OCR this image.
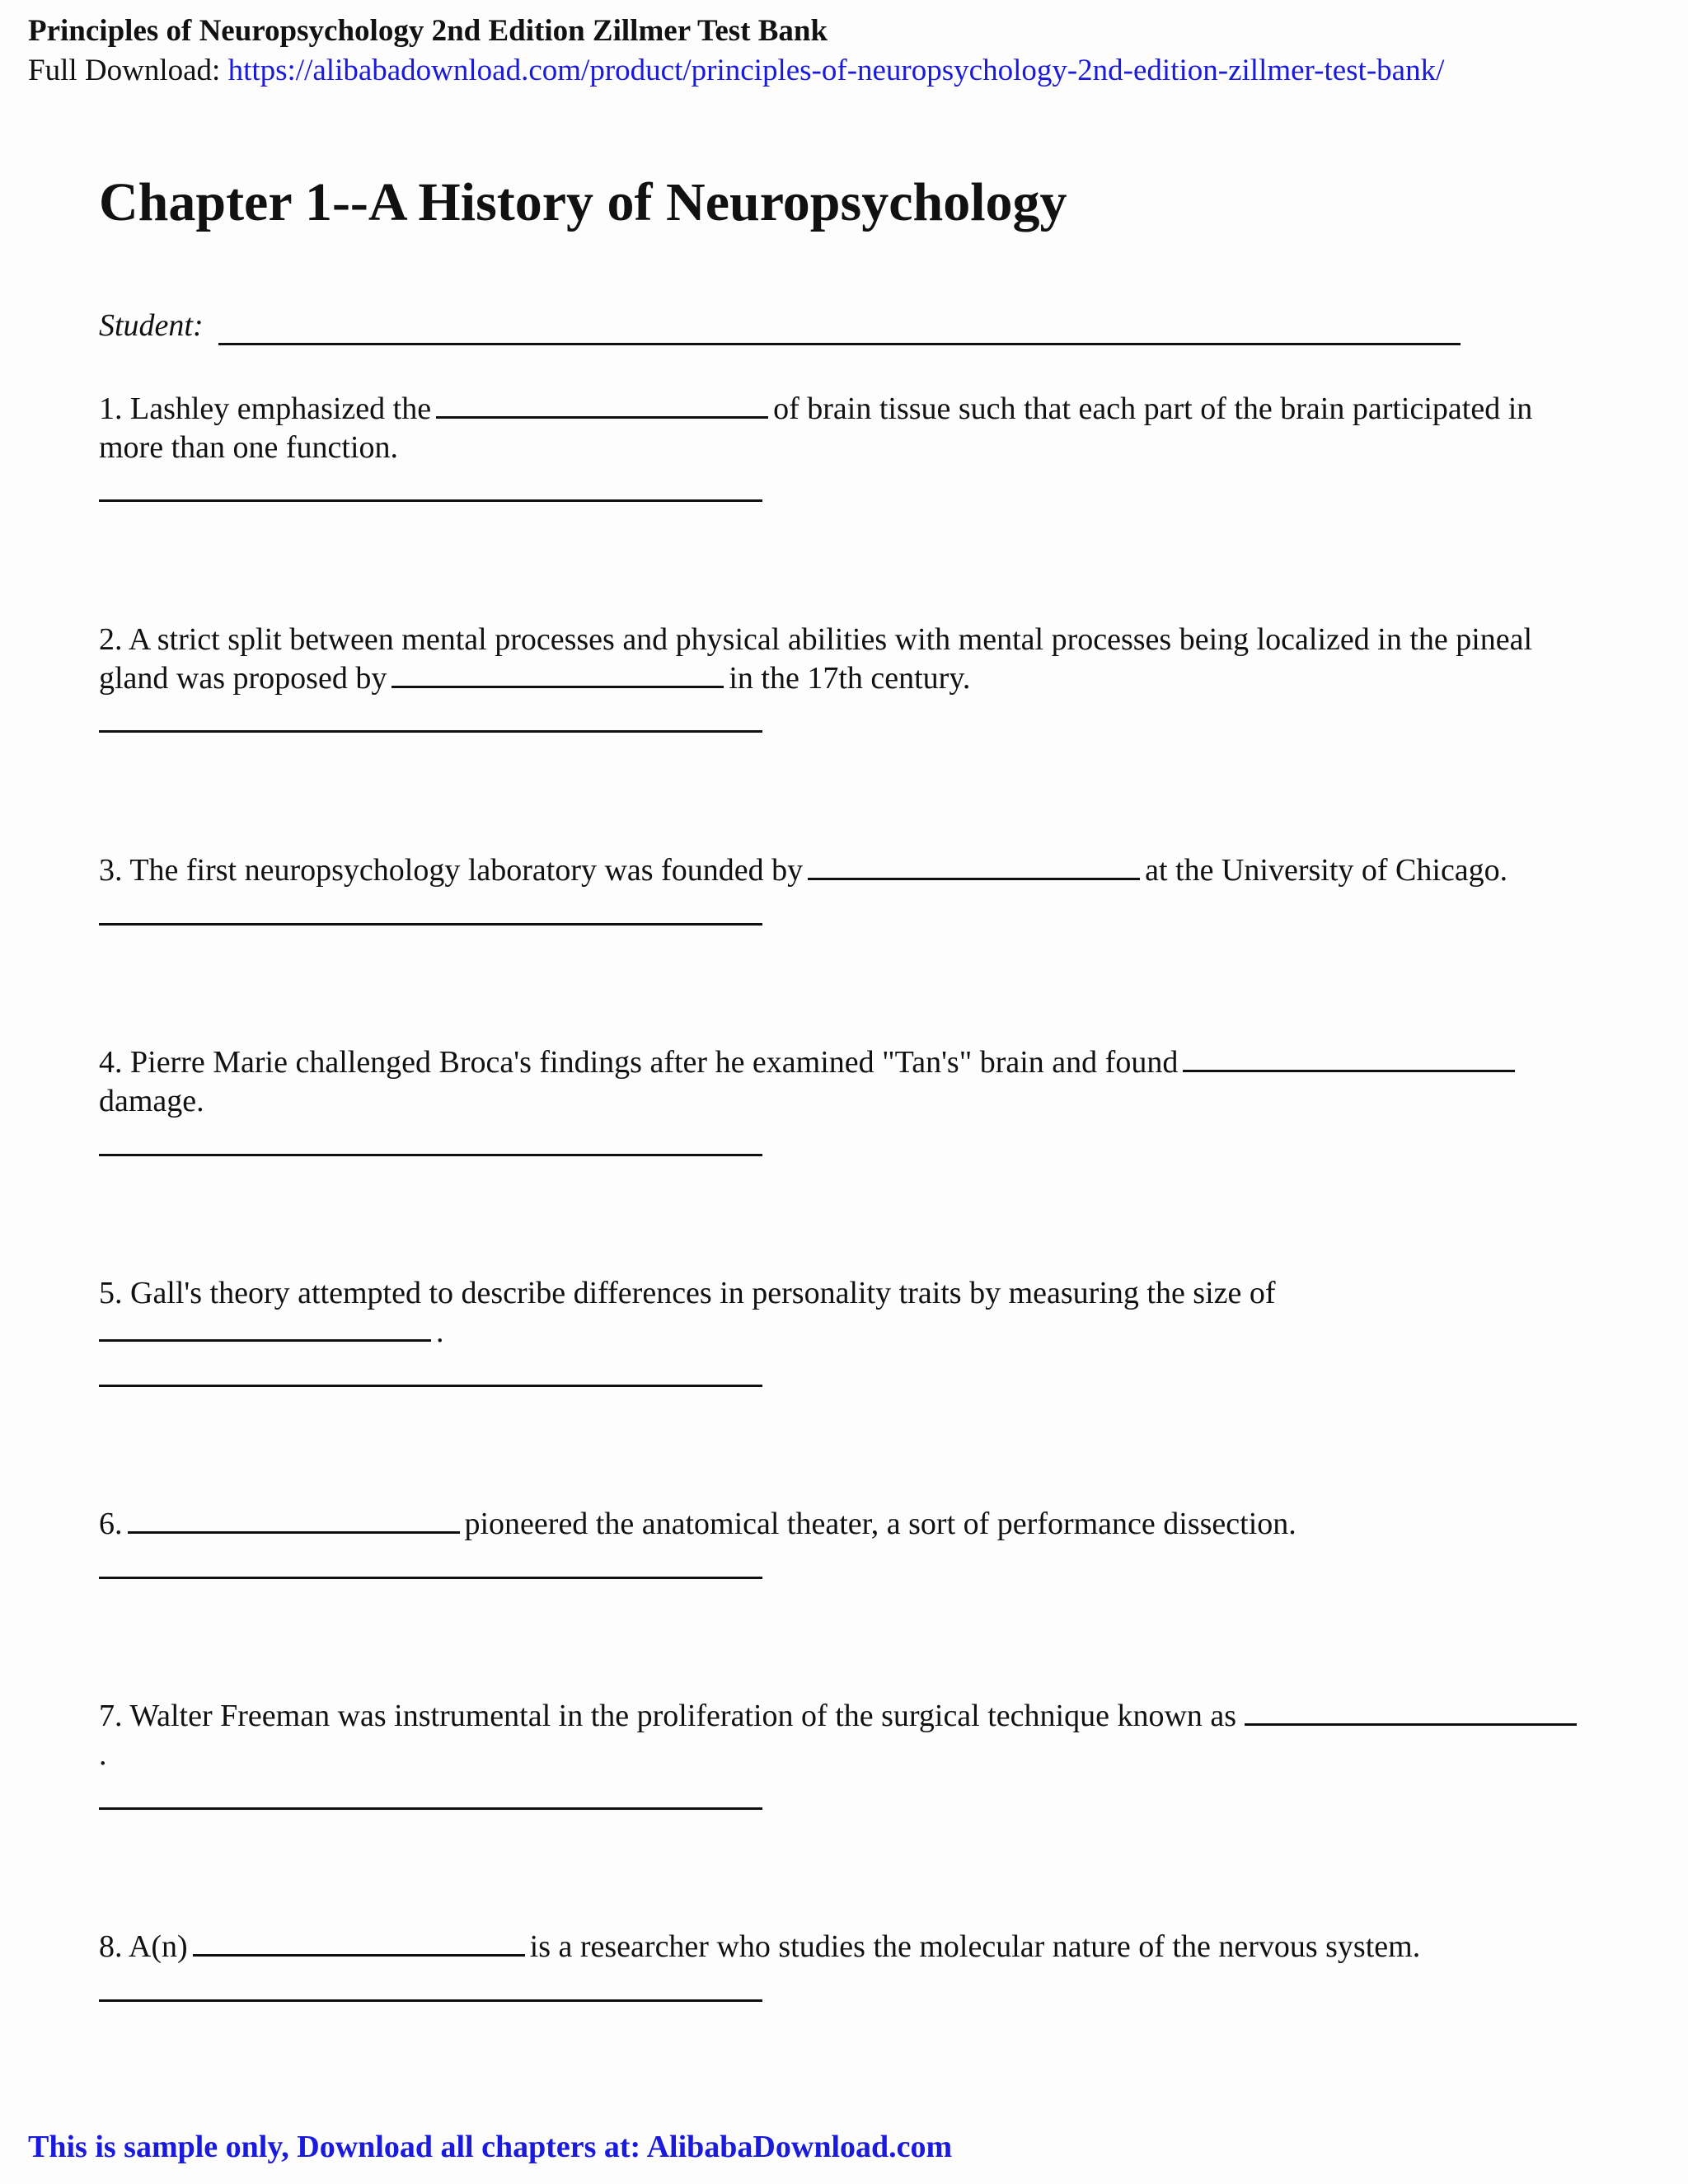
Principles of Neuropsychology 2nd Edition Zillmer Test Bank
Full Download: https://alibabadownload.com/product/principles-of-neuropsychology-2nd-edition-zillmer-test-bank/
Chapter 1--A History of Neuropsychology
Student:
1. Lashley emphasized the	of brain tissue such that each part of the brain participated in more than one function.
2. A strict split between mental processes and physical abilities with mental processes being localized in the pineal gland was proposed by	in the 17th century.
3. The first neuropsychology laboratory was founded by	at the University of Chicago.
4. Pierre Marie challenged Broca's findings after he examined "Tan's" brain and founddamage.
5. Gall's theory attempted to describe differences in personality traits by measuring the size of .
6.	pioneered the anatomical theater, a sort of performance dissection.
7. Walter Freeman was instrumental in the proliferation of the surgical technique known as .
8. A(n)	is a researcher who studies the molecular nature of the nervous system.
This is sample only, Download all chapters at: AlibabaDownload.com
